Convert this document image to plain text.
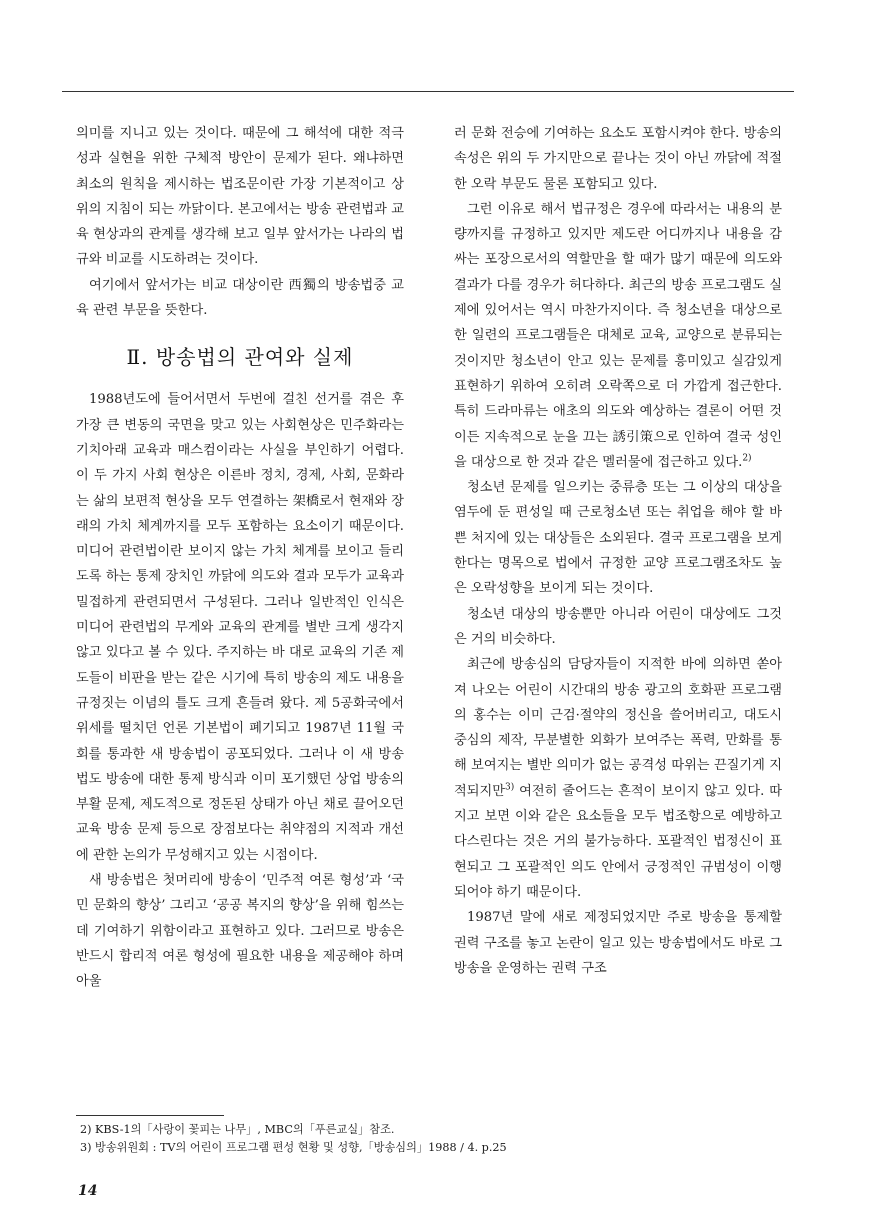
의미를 지니고 있는 것이다. 때문에 그 해석에 대한 적극성과 실현을 위한 구체적 방안이 문제가 된다. 왜냐하면 최소의 원칙을 제시하는 법조문이란 가장 기본적이고 상위의 지침이 되는 까닭이다. 본고에서는 방송 관련법과 교육 현상과의 관계를 생각해 보고 일부 앞서가는 나라의 법규와 비교를 시도하려는 것이다.

여기에서 앞서가는 비교 대상이란 西獨의 방송법중 교육 관련 부문을 뜻한다.

Ⅱ. 방송법의 관여와 실제

1988년도에 들어서면서 두번에 걸친 선거를 겪은 후 가장 큰 변동의 국면을 맞고 있는 사회현상은 민주화라는 기치아래 교육과 매스컴이라는 사실을 부인하기 어렵다. 이 두 가지 사회 현상은 이른바 정치, 경제, 사회, 문화라는 삶의 보편적 현상을 모두 연결하는 架橋로서 현재와 장래의 가치 체계까지를 모두 포함하는 요소이기 때문이다. 미디어 관련법이란 보이지 않는 가치 체계를 보이고 들리도록 하는 통제 장치인 까닭에 의도와 결과 모두가 교육과 밀접하게 관련되면서 구성된다. 그러나 일반적인 인식은 미디어 관련법의 무게와 교육의 관계를 별반 크게 생각지 않고 있다고 볼 수 있다. 주지하는 바 대로 교육의 기존 제도들이 비판을 받는 같은 시기에 특히 방송의 제도 내용을 규정짓는 이념의 틀도 크게 흔들려 왔다. 제 5공화국에서 위세를 떨치던 언론 기본법이 폐기되고 1987년 11월 국회를 통과한 새 방송법이 공포되었다. 그러나 이 새 방송법도 방송에 대한 통제 방식과 이미 포기했던 상업 방송의 부활 문제, 제도적으로 정돈된 상태가 아닌 채로 끌어오던 교육 방송 문제 등으로 장점보다는 취약점의 지적과 개선에 관한 논의가 무성해지고 있는 시점이다.

새 방송법은 첫머리에 방송이 ‘민주적 여론 형성’과 ‘국민 문화의 향상’ 그리고 ‘공공 복지의 향상’을 위해 힘쓰는 데 기여하기 위함이라고 표현하고 있다. 그러므로 방송은 반드시 합리적 여론 형성에 필요한 내용을 제공해야 하며 아울

러 문화 전승에 기여하는 요소도 포함시켜야 한다. 방송의 속성은 위의 두 가지만으로 끝나는 것이 아닌 까닭에 적절한 오락 부문도 물론 포함되고 있다.

그런 이유로 해서 법규정은 경우에 따라서는 내용의 분량까지를 규정하고 있지만 제도란 어디까지나 내용을 감싸는 포장으로서의 역할만을 할 때가 많기 때문에 의도와 결과가 다를 경우가 허다하다. 최근의 방송 프로그램도 실제에 있어서는 역시 마찬가지이다. 즉 청소년을 대상으로 한 일련의 프로그램들은 대체로 교육, 교양으로 분류되는 것이지만 청소년이 안고 있는 문제를 흥미있고 실감있게 표현하기 위하여 오히려 오락쪽으로 더 가깝게 접근한다. 특히 드라마류는 애초의 의도와 예상하는 결론이 어떤 것이든 지속적으로 눈을 끄는 誘引策으로 인하여 결국 성인을 대상으로 한 것과 같은 멜러물에 접근하고 있다.$^{2)}$

청소년 문제를 일으키는 중류층 또는 그 이상의 대상을 염두에 둔 편성일 때 근로청소년 또는 취업을 해야 할 바쁜 처지에 있는 대상들은 소외된다. 결국 프로그램을 보게 한다는 명목으로 법에서 규정한 교양 프로그램조차도 높은 오락성향을 보이게 되는 것이다.

청소년 대상의 방송뿐만 아니라 어린이 대상에도 그것은 거의 비슷하다.

최근에 방송심의 담당자들이 지적한 바에 의하면 쏟아져 나오는 어린이 시간대의 방송 광고의 호화판 프로그램의 홍수는 이미 근검·절약의 정신을 쓸어버리고, 대도시 중심의 제작, 무분별한 외화가 보여주는 폭력, 만화를 통해 보여지는 별반 의미가 없는 공격성 따위는 끈질기게 지적되지만$^{3)}$ 여전히 줄어드는 흔적이 보이지 않고 있다. 따지고 보면 이와 같은 요소들을 모두 법조항으로 예방하고 다스린다는 것은 거의 불가능하다. 포괄적인 법정신이 표현되고 그 포괄적인 의도 안에서 긍정적인 규범성이 이행되어야 하기 때문이다.

1987년 말에 새로 제정되었지만 주로 방송을 통제할 권력 구조를 놓고 논란이 일고 있는 방송법에서도 바로 그 방송을 운영하는 권력 구조

2) KBS-1의「사랑이 꽃피는 나무」, MBC의「푸른교실」참조.
3) 방송위원회 : TV의 어린이 프로그램 편성 현황 및 성향,「방송심의」1988 / 4. p.25
14
